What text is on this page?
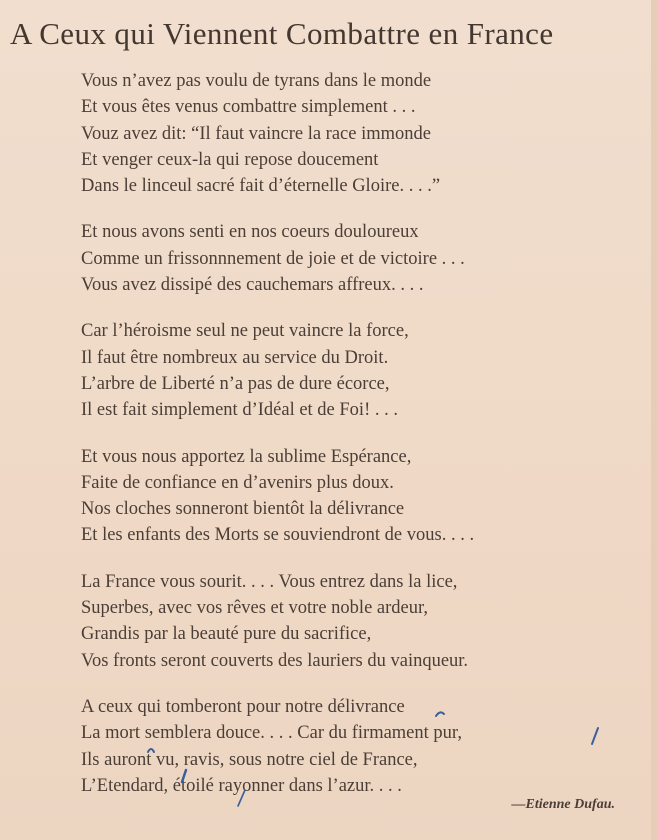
A Ceux qui Viennent Combattre en France
Vous n’avez pas voulu de tyrans dans le monde
Et vous êtes venus combattre simplement . . .
Vouz avez dit: “Il faut vaincre la race immonde
Et venger ceux-la qui repose doucement
Dans le linceul sacré fait d’éternelle Gloire. . . .”
Et nous avons senti en nos coeurs douloureux
Comme un frissonnnement de joie et de victoire . . .
Vous avez dissipé des cauchemars affreux. . . .
Car l’héroisme seul ne peut vaincre la force,
Il faut être nombreux au service du Droit.
L’arbre de Liberté n’a pas de dure écorce,
Il est fait simplement d’Idéal et de Foi! . . .
Et vous nous apportez la sublime Espérance,
Faite de confiance en d’avenirs plus doux.
Nos cloches sonneront bientôt la délivrance
Et les enfants des Morts se souviendront de vous. . . .
La France vous sourit. . . . Vous entrez dans la lice,
Superbes, avec vos rêves et votre noble ardeur,
Grandis par la beauté pure du sacrifice,
Vos fronts seront couverts des lauriers du vainqueur.
A ceux qui tomberont pour notre délivrance
La mort semblera douce. . . . Car du firmament pur,
Ils auront vu, ravis, sous notre ciel de France,
L’Etendard, étoilé rayonner dans l’azur. . . .
—Etienne Dufau.
